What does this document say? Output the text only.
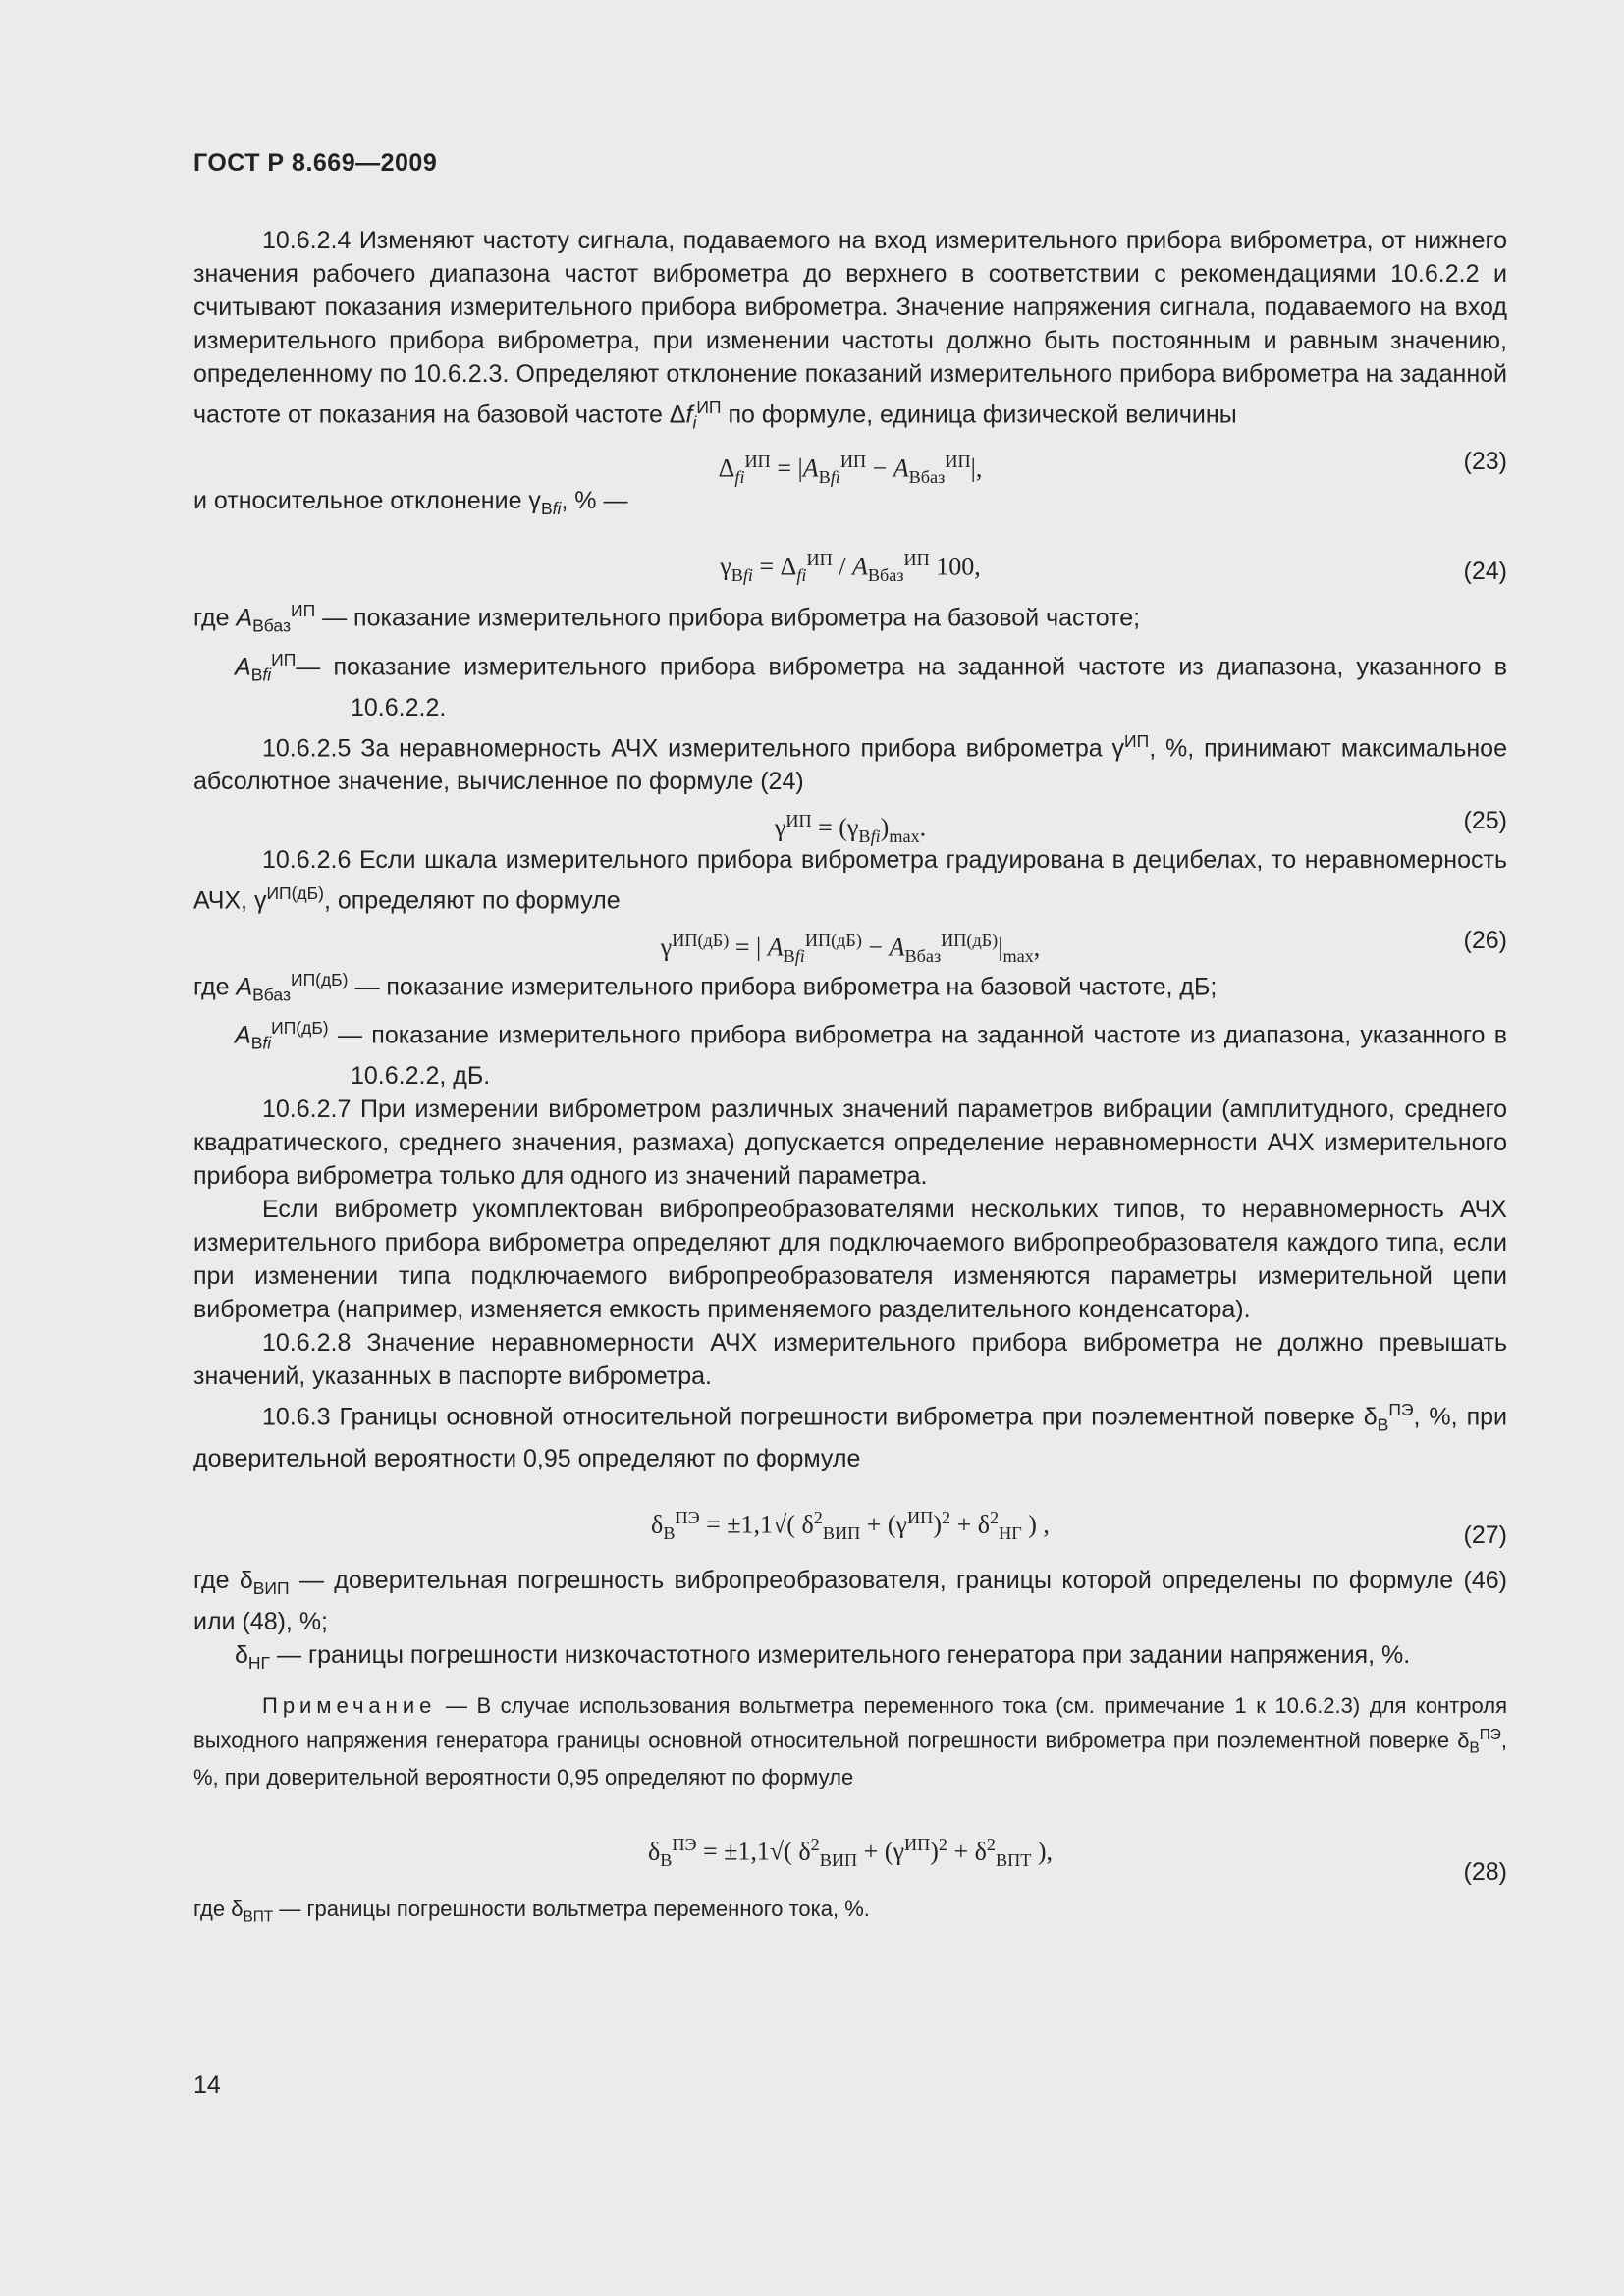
ГОСТ Р 8.669—2009

10.6.2.4 Изменяют частоту сигнала, подаваемого на вход измерительного прибора виброметра, от нижнего значения рабочего диапазона частот виброметра до верхнего в соответствии с рекомендациями 10.6.2.2 и считывают показания измерительного прибора виброметра. Значение напряжения сигнала, подаваемого на вход измерительного прибора виброметра, при изменении частоты должно быть постоянным и равным значению, определенному по 10.6.2.3. Определяют отклонение показаний измерительного прибора виброметра на заданной частоте от показания на базовой частоте $\Delta f_i^{ИП}$ по формуле, единица физической величины

$\Delta_{fi}^{ИП} = |A_{Вfi}^{ИП} - A_{Вбаз}^{ИП}|$,	(23)

и относительное отклонение $\gamma_{Вfi}$, % —

$\gamma_{Вfi} = \Delta_{fi}^{ИП} / A_{Вбаз}^{ИП}$ 100,	(24)

где $A_{Вбаз}^{ИП}$ — показание измерительного прибора виброметра на базовой частоте;

$A_{Вfi}^{ИП}—$ показание измерительного прибора виброметра на заданной частоте из диапазона, указанного в 10.6.2.2.

10.6.2.5 За неравномерность АЧХ измерительного прибора виброметра $\gamma^{ИП}$, %, принимают максимальное абсолютное значение, вычисленное по формуле (24)

$\gamma^{ИП} = (\gamma_{Вfi})_{max}$.	(25)

10.6.2.6 Если шкала измерительного прибора виброметра градуирована в децибелах, то неравномерность АЧХ, $\gamma^{ИП(дБ)}$, определяют по формуле

$\gamma^{ИП(дБ)}$ = | $A_{Вfi}^{ИП(дБ)} - A_{Вбаз}^{ИП(дБ)}|_{max}$,	(26)

где $A_{Вбаз}^{ИП(дБ)}$ — показание измерительного прибора виброметра на базовой частоте, дБ;

$A_{Вfi}^{ИП(дБ)}$ — показание измерительного прибора виброметра на заданной частоте из диапазона, указанного в 10.6.2.2, дБ.

10.6.2.7 При измерении виброметром различных значений параметров вибрации (амплитудного, среднего квадратического, среднего значения, размаха) допускается определение неравномерности АЧХ измерительного прибора виброметра только для одного из значений параметра.

Если виброметр укомплектован вибропреобразователями нескольких типов, то неравномерность АЧХ измерительного прибора виброметра определяют для подключаемого вибропреобразователя каждого типа, если при изменении типа подключаемого вибропреобразователя изменяются параметры измерительной цепи виброметра (например, изменяется емкость применяемого разделительного конденсатора).

10.6.2.8 Значение неравномерности АЧХ измерительного прибора виброметра не должно превышать значений, указанных в паспорте виброметра.

10.6.3 Границы основной относительной погрешности виброметра при поэлементной поверке $\delta_В^{ПЭ}$, %, при доверительной вероятности 0,95 определяют по формуле

$\delta_В^{ПЭ} = \pm 1,1√$( $\delta^2_{ВИП} + (\gamma^{ИП})^2 + \delta^2_{НГ}$ ) ,	(27)

где $\delta_{ВИП}$ — доверительная погрешность вибропреобразователя, границы которой определены по формуле (46) или (48), %;

$\delta_{НГ}$ — границы погрешности низкочастотного измерительного генератора при задании напряжения, %.

Примечание — В случае использования вольтметра переменного тока (см. примечание 1 к 10.6.2.3) для контроля выходного напряжения генератора границы основной относительной погрешности виброметра при поэлементной поверке $\delta_В^{ПЭ}$, %, при доверительной вероятности 0,95 определяют по формуле

$\delta_В^{ПЭ} = \pm 1,1√$( $\delta^2_{ВИП} + (\gamma^{ИП})^2 + \delta^2_{ВПТ}$ ),
(28)

где $\delta_{ВПТ}$ — границы погрешности вольтметра переменного тока, %.

14
